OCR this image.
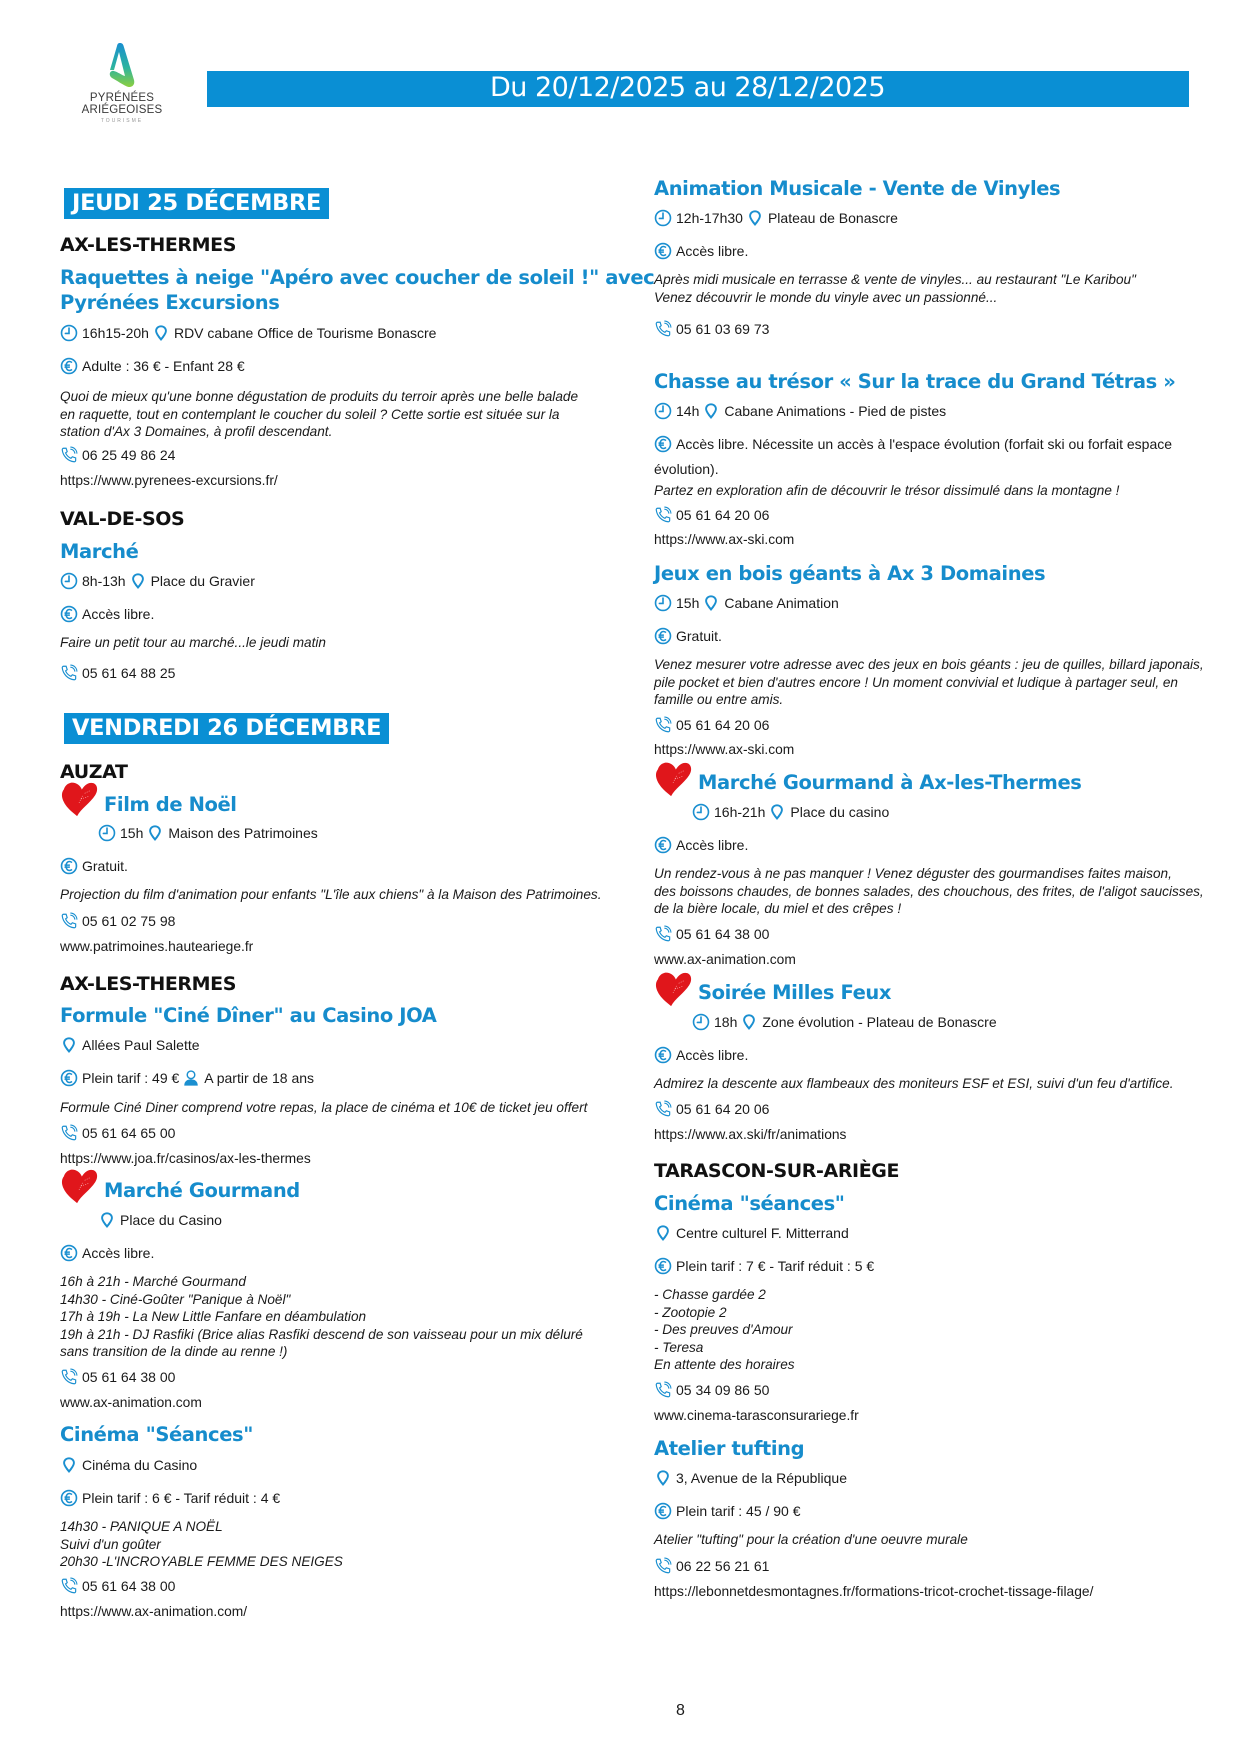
PYRÉNÉES
ARIÉGEOISES
TOURISME
Du 20/12/2025 au 28/12/2025
JEUDI 25 DÉCEMBRE
AX-LES-THERMES
Raquettes à neige "Apéro avec coucher de soleil !" avec
Pyrénées Excursions
16h15-20h RDV cabane Office de Tourisme Bonascre
Adulte : 36 € - Enfant 28 €
Quoi de mieux qu'une bonne dégustation de produits du terroir après une belle balade
en raquette, tout en contemplant le coucher du soleil ? Cette sortie est située sur la
station d'Ax 3 Domaines, à profil descendant.
06 25 49 86 24
https://www.pyrenees-excursions.fr/
VAL-DE-SOS
Marché
8h-13h Place du Gravier
Accès libre.
Faire un petit tour au marché...le jeudi matin
05 61 64 88 25
VENDREDI 26 DÉCEMBRE
AUZAT
Film de Noël
15h Maison des Patrimoines
Gratuit.
Projection du film d'animation pour enfants "L'île aux chiens" à la Maison des Patrimoines.
05 61 02 75 98
www.patrimoines.hauteariege.fr
AX-LES-THERMES
Formule "Ciné Dîner" au Casino JOA
Allées Paul Salette
Plein tarif : 49 € A partir de 18 ans
Formule Ciné Diner comprend votre repas, la place de cinéma et 10€ de ticket jeu offert
05 61 64 65 00
https://www.joa.fr/casinos/ax-les-thermes
Marché Gourmand
Place du Casino
Accès libre.
16h à 21h - Marché Gourmand
14h30 - Ciné-Goûter "Panique à Noël"
17h à 19h - La New Little Fanfare en déambulation
19h à 21h - DJ Rasfiki (Brice alias Rasfiki descend de son vaisseau pour un mix déluré
sans transition de la dinde au renne !)
05 61 64 38 00
www.ax-animation.com
Cinéma "Séances"
Cinéma du Casino
Plein tarif : 6 € - Tarif réduit : 4 €
14h30 - PANIQUE A NOËL
Suivi d'un goûter
20h30 -L'INCROYABLE FEMME DES NEIGES
05 61 64 38 00
https://www.ax-animation.com/
Animation Musicale - Vente de Vinyles
12h-17h30 Plateau de Bonascre
Accès libre.
Après midi musicale en terrasse & vente de vinyles... au restaurant "Le Karibou"
Venez découvrir le monde du vinyle avec un passionné...
05 61 03 69 73
Chasse au trésor « Sur la trace du Grand Tétras »
14h Cabane Animations - Pied de pistes
Accès libre. Nécessite un accès à l'espace évolution (forfait ski ou forfait espace
évolution).
Partez en exploration afin de découvrir le trésor dissimulé dans la montagne !
05 61 64 20 06
https://www.ax-ski.com
Jeux en bois géants à Ax 3 Domaines
15h Cabane Animation
Gratuit.
Venez mesurer votre adresse avec des jeux en bois géants : jeu de quilles, billard japonais,
pile pocket et bien d'autres encore ! Un moment convivial et ludique à partager seul, en
famille ou entre amis.
05 61 64 20 06
https://www.ax-ski.com
Marché Gourmand à Ax-les-Thermes
16h-21h Place du casino
Accès libre.
Un rendez-vous à ne pas manquer ! Venez déguster des gourmandises faites maison,
des boissons chaudes, de bonnes salades, des chouchous, des frites, de l'aligot saucisses,
de la bière locale, du miel et des crêpes !
05 61 64 38 00
www.ax-animation.com
Soirée Milles Feux
18h Zone évolution - Plateau de Bonascre
Accès libre.
Admirez la descente aux flambeaux des moniteurs ESF et ESI, suivi d'un feu d'artifice.
05 61 64 20 06
https://www.ax.ski/fr/animations
TARASCON-SUR-ARIÈGE
Cinéma "séances"
Centre culturel F. Mitterrand
Plein tarif : 7 € - Tarif réduit : 5 €
- Chasse gardée 2
- Zootopie 2
- Des preuves d'Amour
- Teresa
En attente des horaires
05 34 09 86 50
www.cinema-tarasconsurariege.fr
Atelier tufting
3, Avenue de la République
Plein tarif : 45 / 90 €
Atelier "tufting" pour la création d'une oeuvre murale
06 22 56 21 61
https://lebonnetdesmontagnes.fr/formations-tricot-crochet-tissage-filage/
8
